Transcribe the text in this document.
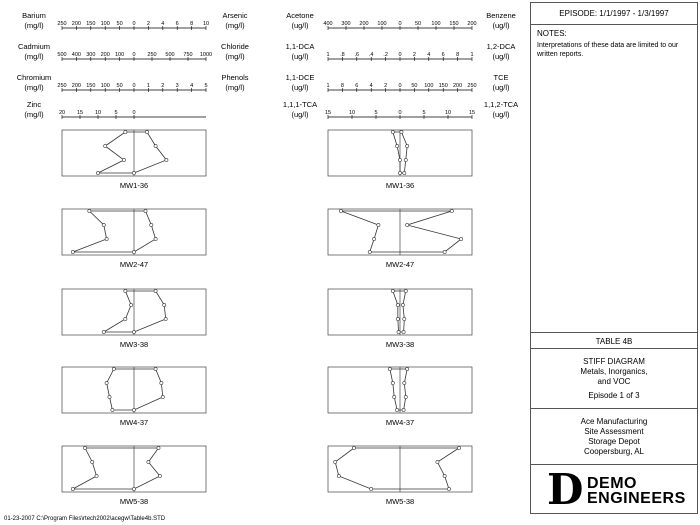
Barium
(mg/l)
Arsenic
(mg/l)
250 200 150 100 50 0 2 4 6 8 10
Cadmium
(mg/l)
Chloride
(mg/l)
500 400 300 200 100 0 250 500 750 1000
Chromium
(mg/l)
Phenols
(mg/l)
250 200 150 100 50 0 1 2 3 4 5
Zinc
(mg/l)	20 15 10 5	0
MW1-36
MW2-47
MW3-38
MW4-37
MW5-38
Acetone
(ug/l)
Benzene
(ug/l)
400 300 200 100 0 50 100 150 200
1,1-DCA
(ug/l)
1,2-DCA
(ug/l)
1 .8 .6 .4 .2 0 2 4 6 8 1
1,1-DCE
(ug/l)
TCE
(ug/l)
1 8 6 4 2 0 50 100 150 200 250
1,1,1-TCA
(ug/l)
1,1,2-TCA
(ug/l)
15	10	5	0	5	10	15
MW1-36
MW2-47
MW3-38
MW4-37
MW5-38
EPISODE: 1/1/1997 - 1/3/1997
NOTES:
Interpretations of these data are limited to our written reports.
TABLE 4B
STIFF DIAGRAM
Metals, Inorganics,
and VOC
Episode 1 of 3
Ace Manufacturing
Site Assessment
Storage Depot
Coopersburg, AL
D DEMO
ENGINEERS
01-23-2007 C:\Program Files\rtech2002\acegw\Table4b.STD
